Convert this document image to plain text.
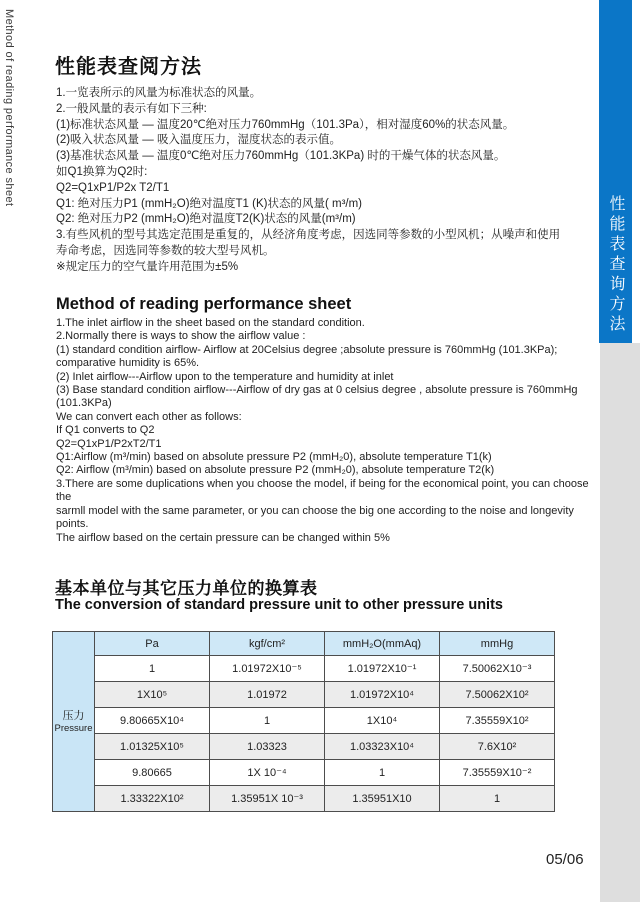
性能表查阅方法
1.一览表所示的风量为标准状态的风量。
2.一般风量的表示有如下三种:
(1)标准状态风量 — 温度20℃绝对压力760mmHg（101.3Pa），相对湿度60%的状态风量。
(2)吸入状态风量 — 吸入温度压力，湿度状态的表示值。
(3)基准状态风量 — 温度0℃绝对压力760mmHg（101.3KPa) 时的干燥气体的状态风量。
如Q1换算为Q2时:
Q2=Q1xP1/P2x T2/T1
Q1: 绝对压力P1 (mmH₂O)绝对温度T1 (K)状态的风量( m³/m)
Q2: 绝对压力P2 (mmH₂O)绝对温度T2(K)状态的风量(m³/m)
3.有些风机的型号其选定范围是重复的，从经济角度考虑，因选同等参数的小型风机；从噪声和使用
寿命考虑，因选同等参数的较大型号风机。
※规定压力的空气量许用范围为±5%
Method of reading performance sheet
1.The inlet airflow in the sheet based on the standard condition.
2.Normally there is ways to show the airflow value :
(1) standard condition airflow- Airflow at 20Celsius degree ;absolute pressure is 760mmHg (101.3KPa);
comparative humidity is 65%.
(2) Inlet airflow---Airflow upon to the temperature and humidity at inlet
(3) Base standard condition airflow---Airflow of dry gas at 0 celsius degree , absolute pressure is 760mmHg (101.3KPa)
We can convert each other as follows:
If Q1 converts to Q2
Q2=Q1xP1/P2xT2/T1
Q1:Airflow (m³/min) based on absolute pressure P2 (mmH₂0), absolute temperature T1(k)
Q2: Airflow (m³/min) based on absolute pressure P2 (mmH₂0), absolute temperature T2(k)
3.There are some duplications when you choose the model, if being for the economical point, you can choose the
sarmll model with the same parameter, or you can choose the big one according to the noise and longevity points.
The airflow based on the certain pressure can be changed within 5%
基本单位与其它压力单位的换算表
The conversion of standard pressure unit to other pressure units
压力
Pressure	Pa	kgf/cm²	mmH₂O(mmAq)	mmHg
	1	1.01972X10⁻⁵	1.01972X10⁻¹	7.50062X10⁻³
	1X10⁵	1.01972	1.01972X10⁴	7.50062X10²
	9.80665X10⁴	1	1X10⁴	7.35559X10²
	1.01325X10⁵	1.03323	1.03323X10⁴	7.6X10²
	9.80665	1X 10⁻⁴	1	7.35559X10⁻²
	1.33322X10²	1.35951X 10⁻³	1.35951X10	1
05/06
性能表查询方法
Method of reading performance sheet
